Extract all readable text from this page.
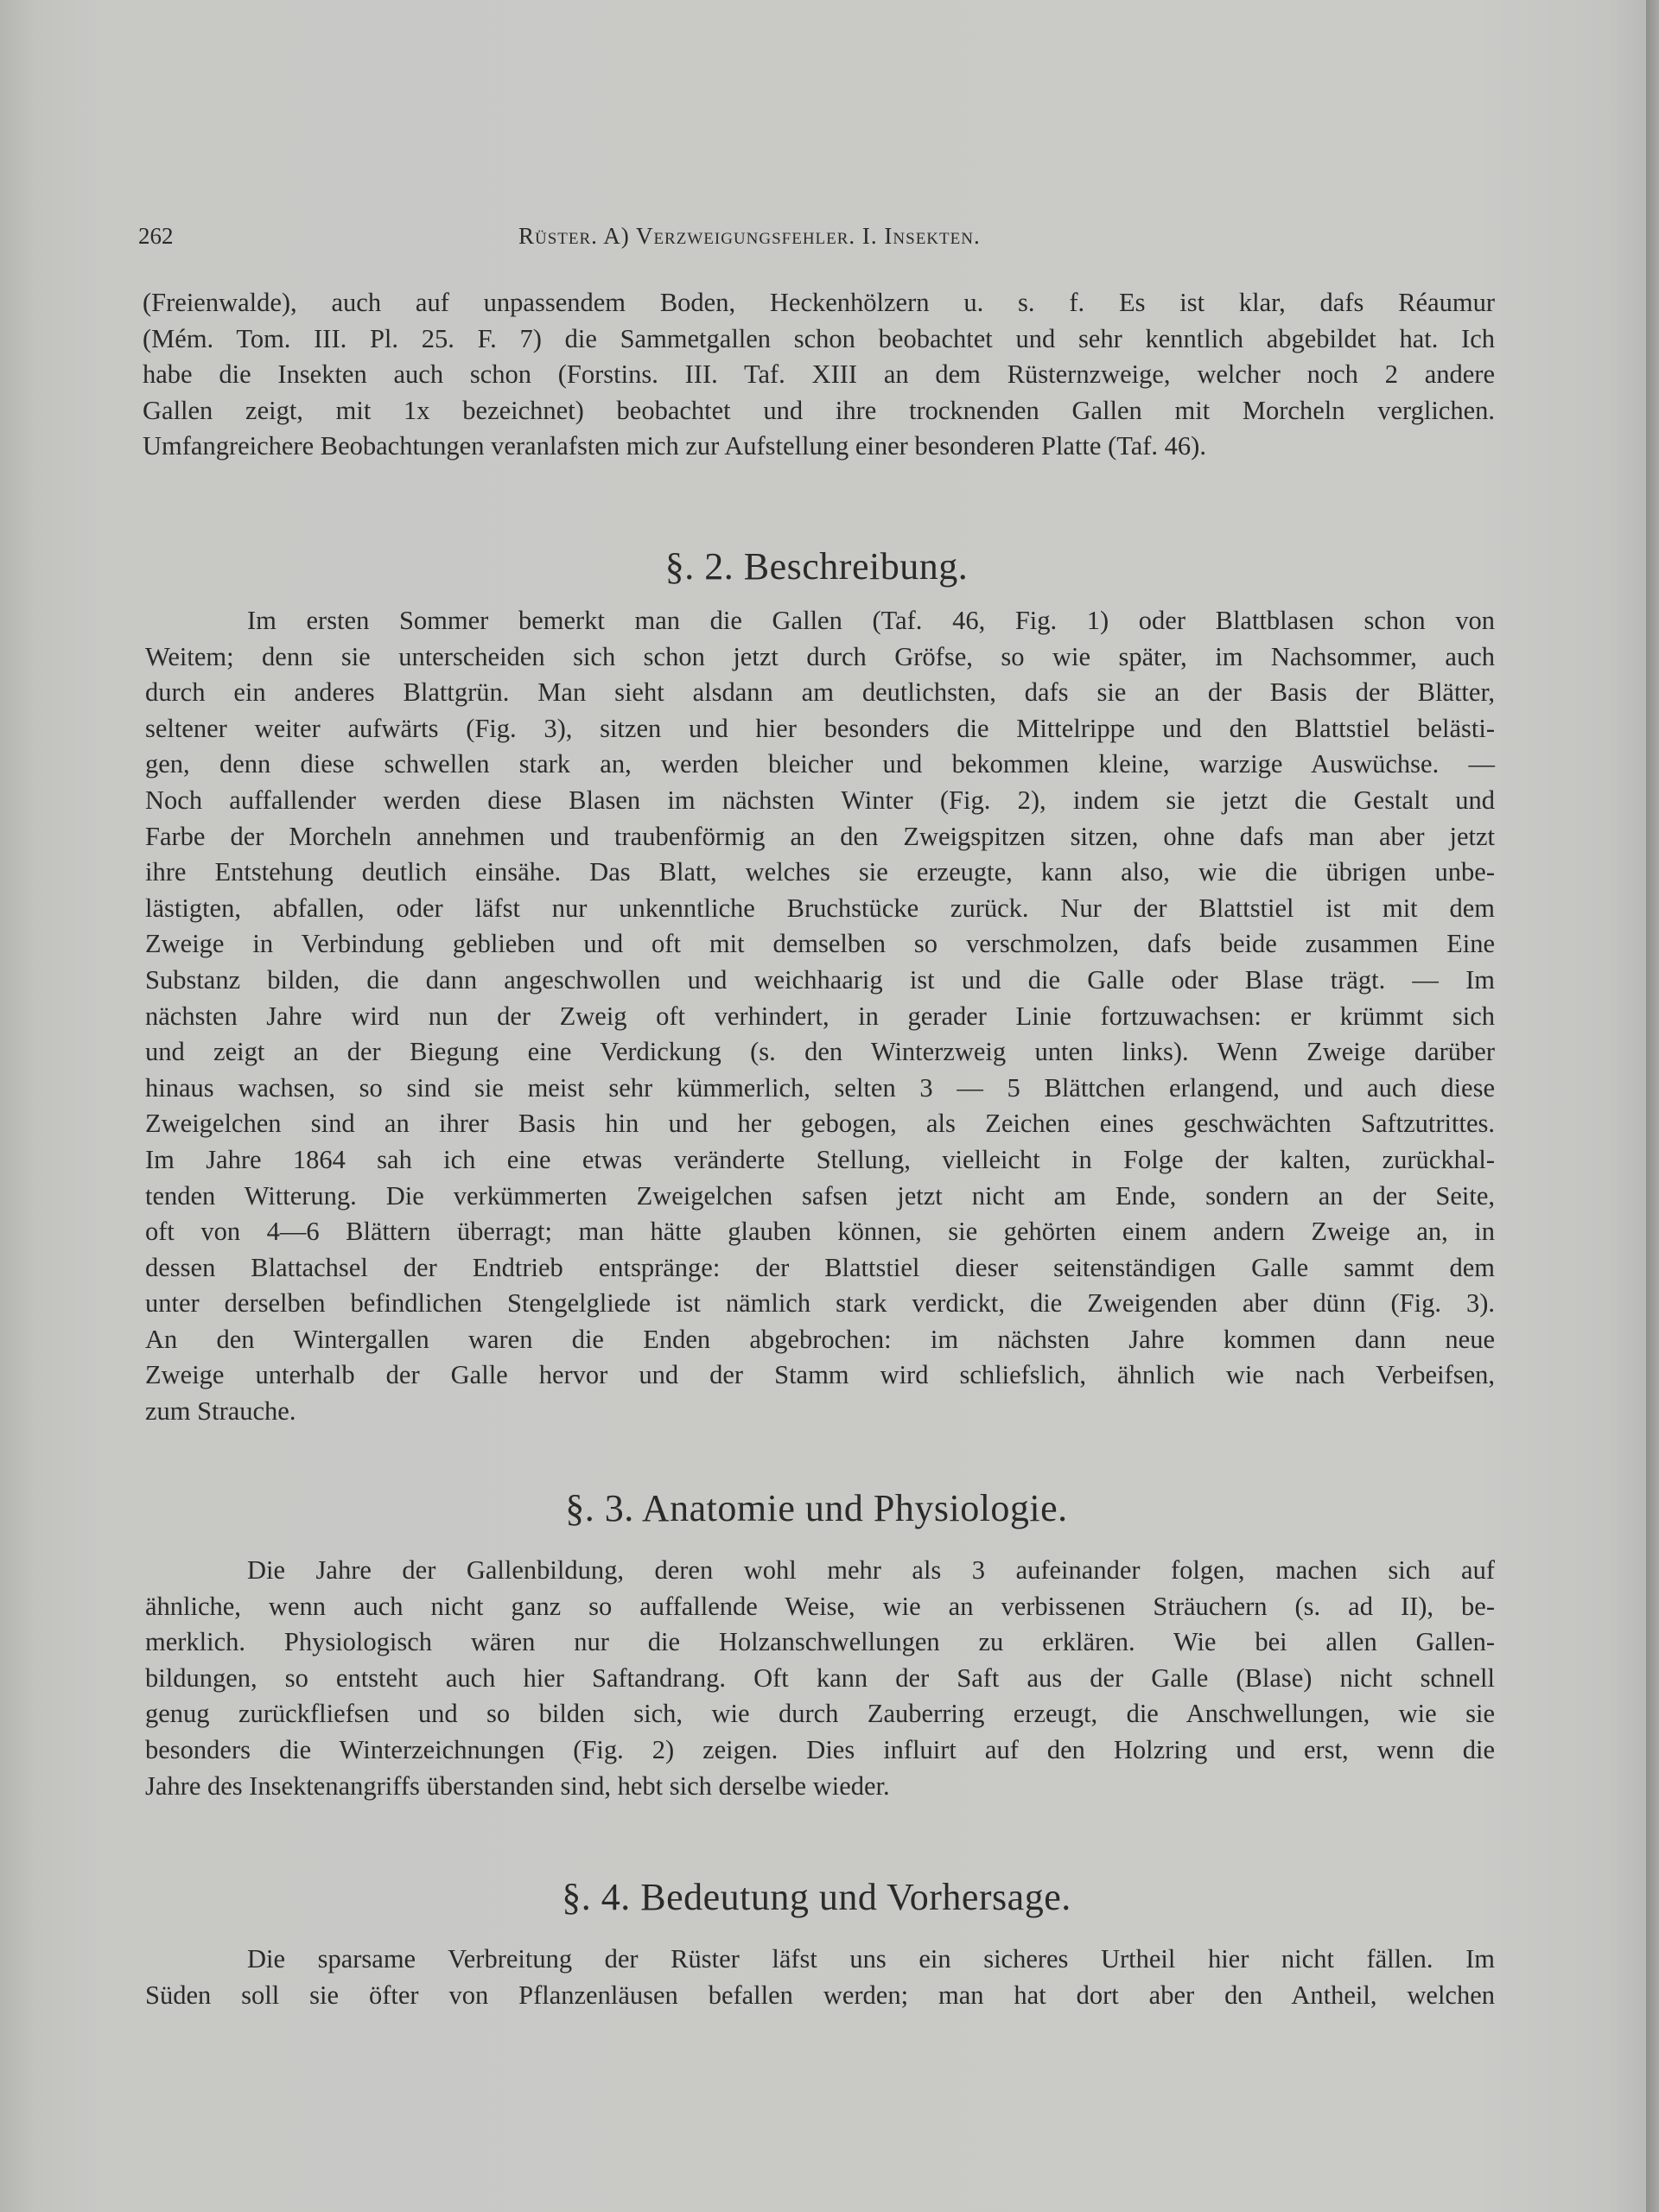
262	Rüster. A) Verzweigungsfehler. I. Insekten.
(Freienwalde), auch auf unpassendem Boden, Heckenhölzern u. s. f. Es ist klar, dafs Réaumur
(Mém. Tom. III. Pl. 25. F. 7) die Sammetgallen schon beobachtet und sehr kenntlich abgebildet hat. Ich
habe die Insekten auch schon (Forstins. III. Taf. XIII an dem Rüsternzweige, welcher noch 2 andere
Gallen zeigt, mit 1x bezeichnet) beobachtet und ihre trocknenden Gallen mit Morcheln verglichen.
Umfangreichere Beobachtungen veranlafsten mich zur Aufstellung einer besonderen Platte (Taf. 46).
§. 2. Beschreibung.
Im ersten Sommer bemerkt man die Gallen (Taf. 46, Fig. 1) oder Blattblasen schon von
Weitem; denn sie unterscheiden sich schon jetzt durch Gröfse, so wie später, im Nachsommer, auch
durch ein anderes Blattgrün. Man sieht alsdann am deutlichsten, dafs sie an der Basis der Blätter,
seltener weiter aufwärts (Fig. 3), sitzen und hier besonders die Mittelrippe und den Blattstiel belästi-
gen, denn diese schwellen stark an, werden bleicher und bekommen kleine, warzige Auswüchse. —
Noch auffallender werden diese Blasen im nächsten Winter (Fig. 2), indem sie jetzt die Gestalt und
Farbe der Morcheln annehmen und traubenförmig an den Zweigspitzen sitzen, ohne dafs man aber jetzt
ihre Entstehung deutlich einsähe. Das Blatt, welches sie erzeugte, kann also, wie die übrigen unbe-
lästigten, abfallen, oder läfst nur unkenntliche Bruchstücke zurück. Nur der Blattstiel ist mit dem
Zweige in Verbindung geblieben und oft mit demselben so verschmolzen, dafs beide zusammen Eine
Substanz bilden, die dann angeschwollen und weichhaarig ist und die Galle oder Blase trägt. — Im
nächsten Jahre wird nun der Zweig oft verhindert, in gerader Linie fortzuwachsen: er krümmt sich
und zeigt an der Biegung eine Verdickung (s. den Winterzweig unten links). Wenn Zweige darüber
hinaus wachsen, so sind sie meist sehr kümmerlich, selten 3 — 5 Blättchen erlangend, und auch diese
Zweigelchen sind an ihrer Basis hin und her gebogen, als Zeichen eines geschwächten Saftzutrittes.
Im Jahre 1864 sah ich eine etwas veränderte Stellung, vielleicht in Folge der kalten, zurückhal-
tenden Witterung. Die verkümmerten Zweigelchen safsen jetzt nicht am Ende, sondern an der Seite,
oft von 4—6 Blättern überragt; man hätte glauben können, sie gehörten einem andern Zweige an, in
dessen Blattachsel der Endtrieb entspränge: der Blattstiel dieser seitenständigen Galle sammt dem
unter derselben befindlichen Stengelgliede ist nämlich stark verdickt, die Zweigenden aber dünn (Fig. 3).
An den Wintergallen waren die Enden abgebrochen: im nächsten Jahre kommen dann neue
Zweige unterhalb der Galle hervor und der Stamm wird schliefslich, ähnlich wie nach Verbeifsen,
zum Strauche.
§. 3. Anatomie und Physiologie.
Die Jahre der Gallenbildung, deren wohl mehr als 3 aufeinander folgen, machen sich auf
ähnliche, wenn auch nicht ganz so auffallende Weise, wie an verbissenen Sträuchern (s. ad II), be-
merklich. Physiologisch wären nur die Holzanschwellungen zu erklären. Wie bei allen Gallen-
bildungen, so entsteht auch hier Saftandrang. Oft kann der Saft aus der Galle (Blase) nicht schnell
genug zurückfliefsen und so bilden sich, wie durch Zauberring erzeugt, die Anschwellungen, wie sie
besonders die Winterzeichnungen (Fig. 2) zeigen. Dies influirt auf den Holzring und erst, wenn die
Jahre des Insektenangriffs überstanden sind, hebt sich derselbe wieder.
§. 4. Bedeutung und Vorhersage.
Die sparsame Verbreitung der Rüster läfst uns ein sicheres Urtheil hier nicht fällen. Im
Süden soll sie öfter von Pflanzenläusen befallen werden; man hat dort aber den Antheil, welchen
